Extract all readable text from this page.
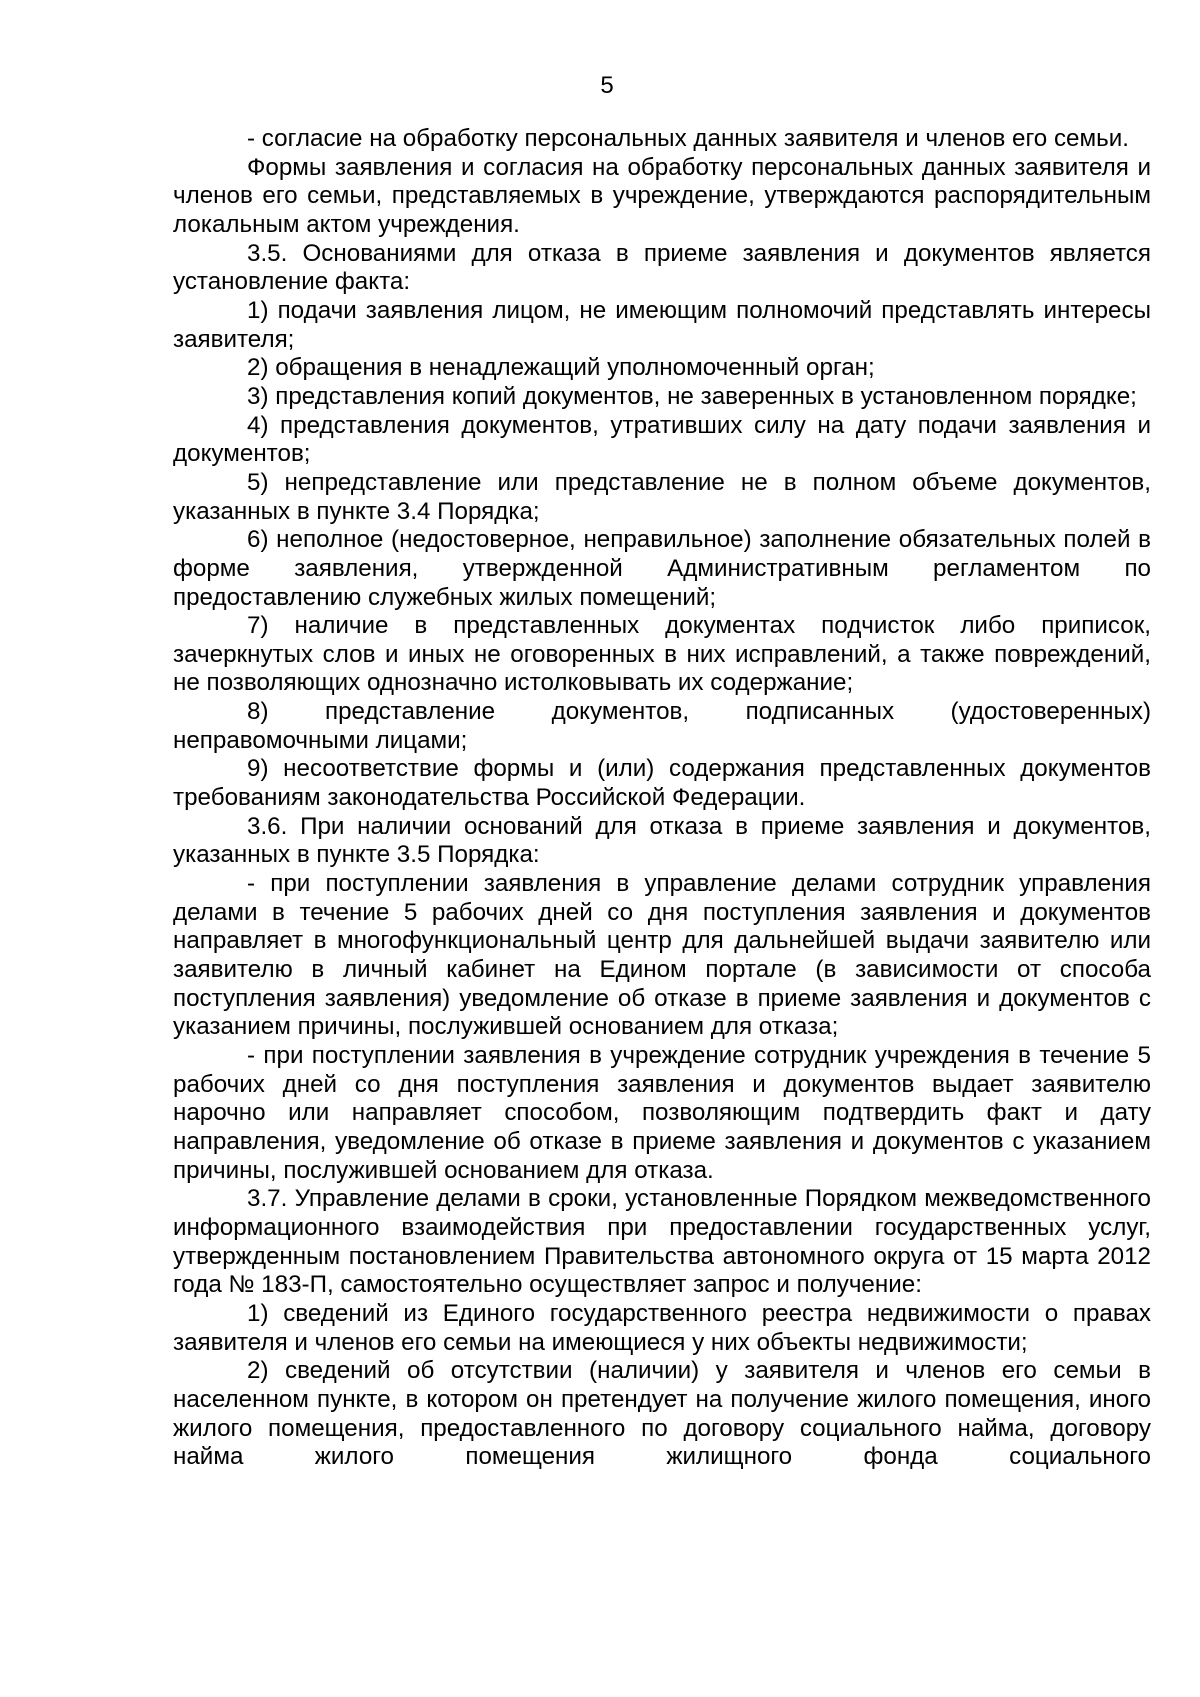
5

- согласие на обработку персональных данных заявителя и членов его семьи.

Формы заявления и согласия на обработку персональных данных заявителя и членов его семьи, представляемых в учреждение, утверждаются распорядительным локальным актом учреждения.

3.5. Основаниями для отказа в приеме заявления и документов является установление факта:

1) подачи заявления лицом, не имеющим полномочий представлять интересы заявителя;

2) обращения в ненадлежащий уполномоченный орган;

3) представления копий документов, не заверенных в установленном порядке;

4) представления документов, утративших силу на дату подачи заявления и документов;

5) непредставление или представление не в полном объеме документов, указанных в пункте 3.4 Порядка;

6) неполное (недостоверное, неправильное) заполнение обязательных полей в форме заявления, утвержденной Административным регламентом по предоставлению служебных жилых помещений;

7) наличие в представленных документах подчисток либо приписок, зачеркнутых слов и иных не оговоренных в них исправлений, а также повреждений, не позволяющих однозначно истолковывать их содержание;

8) представление документов, подписанных (удостоверенных) неправомочными лицами;

9) несоответствие формы и (или) содержания представленных документов требованиям законодательства Российской Федерации.

3.6. При наличии оснований для отказа в приеме заявления и документов, указанных в пункте 3.5 Порядка:

- при поступлении заявления в управление делами сотрудник управления делами в течение 5 рабочих дней со дня поступления заявления и документов направляет в многофункциональный центр для дальнейшей выдачи заявителю или заявителю в личный кабинет на Едином портале (в зависимости от способа поступления заявления) уведомление об отказе в приеме заявления и документов с указанием причины, послужившей основанием для отказа;

- при поступлении заявления в учреждение сотрудник учреждения в течение 5 рабочих дней со дня поступления заявления и документов выдает заявителю нарочно или направляет способом, позволяющим подтвердить факт и дату направления, уведомление об отказе в приеме заявления и документов с указанием причины, послужившей основанием для отказа.

3.7. Управление делами в сроки, установленные Порядком межведомственного информационного взаимодействия при предоставлении государственных услуг, утвержденным постановлением Правительства автономного округа от 15 марта 2012 года № 183-П, самостоятельно осуществляет запрос и получение:

1) сведений из Единого государственного реестра недвижимости о правах заявителя и членов его семьи на имеющиеся у них объекты недвижимости;

2) сведений об отсутствии (наличии) у заявителя и членов его семьи в населенном пункте, в котором он претендует на получение жилого помещения, иного жилого помещения, предоставленного по договору социального найма, договору найма жилого помещения жилищного фонда социального
